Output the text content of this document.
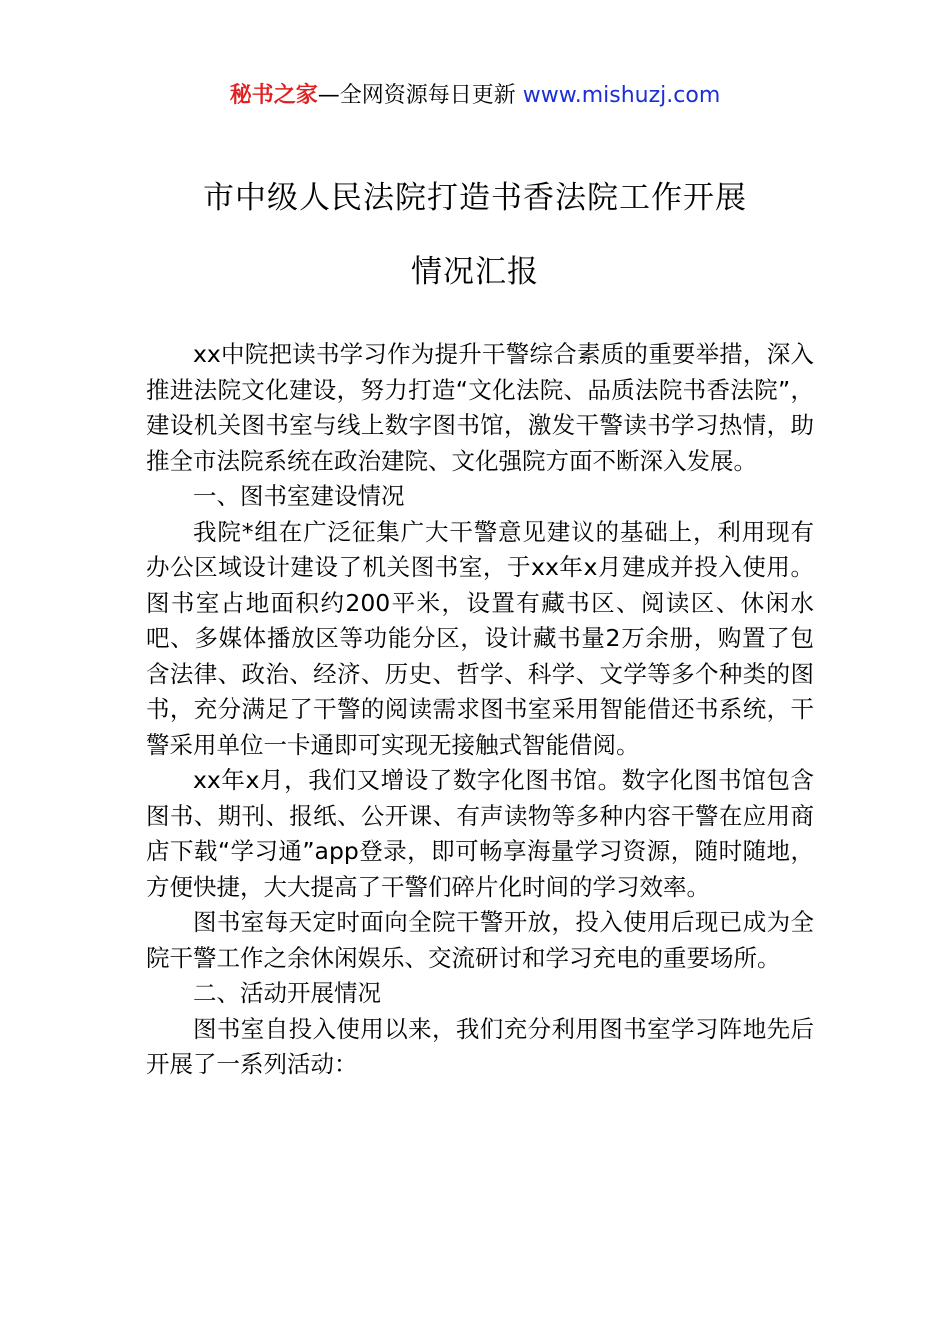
秘书之家—全网资源每日更新 www.mishuzj.com
市中级人民法院打造书香法院工作开展
情况汇报

xx中院把读书学习作为提升干警综合素质的重要举措，深入推进法院文化建设，努力打造“文化法院、品质法院书香法院”，建设机关图书室与线上数字图书馆，激发干警读书学习热情，助推全市法院系统在政治建院、文化强院方面不断深入发展。

一、图书室建设情况

我院*组在广泛征集广大干警意见建议的基础上，利用现有办公区域设计建设了机关图书室，于xx年x月建成并投入使用。图书室占地面积约200平米，设置有藏书区、阅读区、休闲水吧、多媒体播放区等功能分区，设计藏书量2万余册，购置了包含法律、政治、经济、历史、哲学、科学、文学等多个种类的图书，充分满足了干警的阅读需求图书室采用智能借还书系统，干警采用单位一卡通即可实现无接触式智能借阅。

xx年x月，我们又增设了数字化图书馆。数字化图书馆包含图书、期刊、报纸、公开课、有声读物等多种内容干警在应用商店下载“学习通”app登录，即可畅享海量学习资源，随时随地，方便快捷，大大提高了干警们碎片化时间的学习效率。

图书室每天定时面向全院干警开放，投入使用后现已成为全院干警工作之余休闲娱乐、交流研讨和学习充电的重要场所。

二、活动开展情况

图书室自投入使用以来，我们充分利用图书室学习阵地先后开展了一系列活动：
